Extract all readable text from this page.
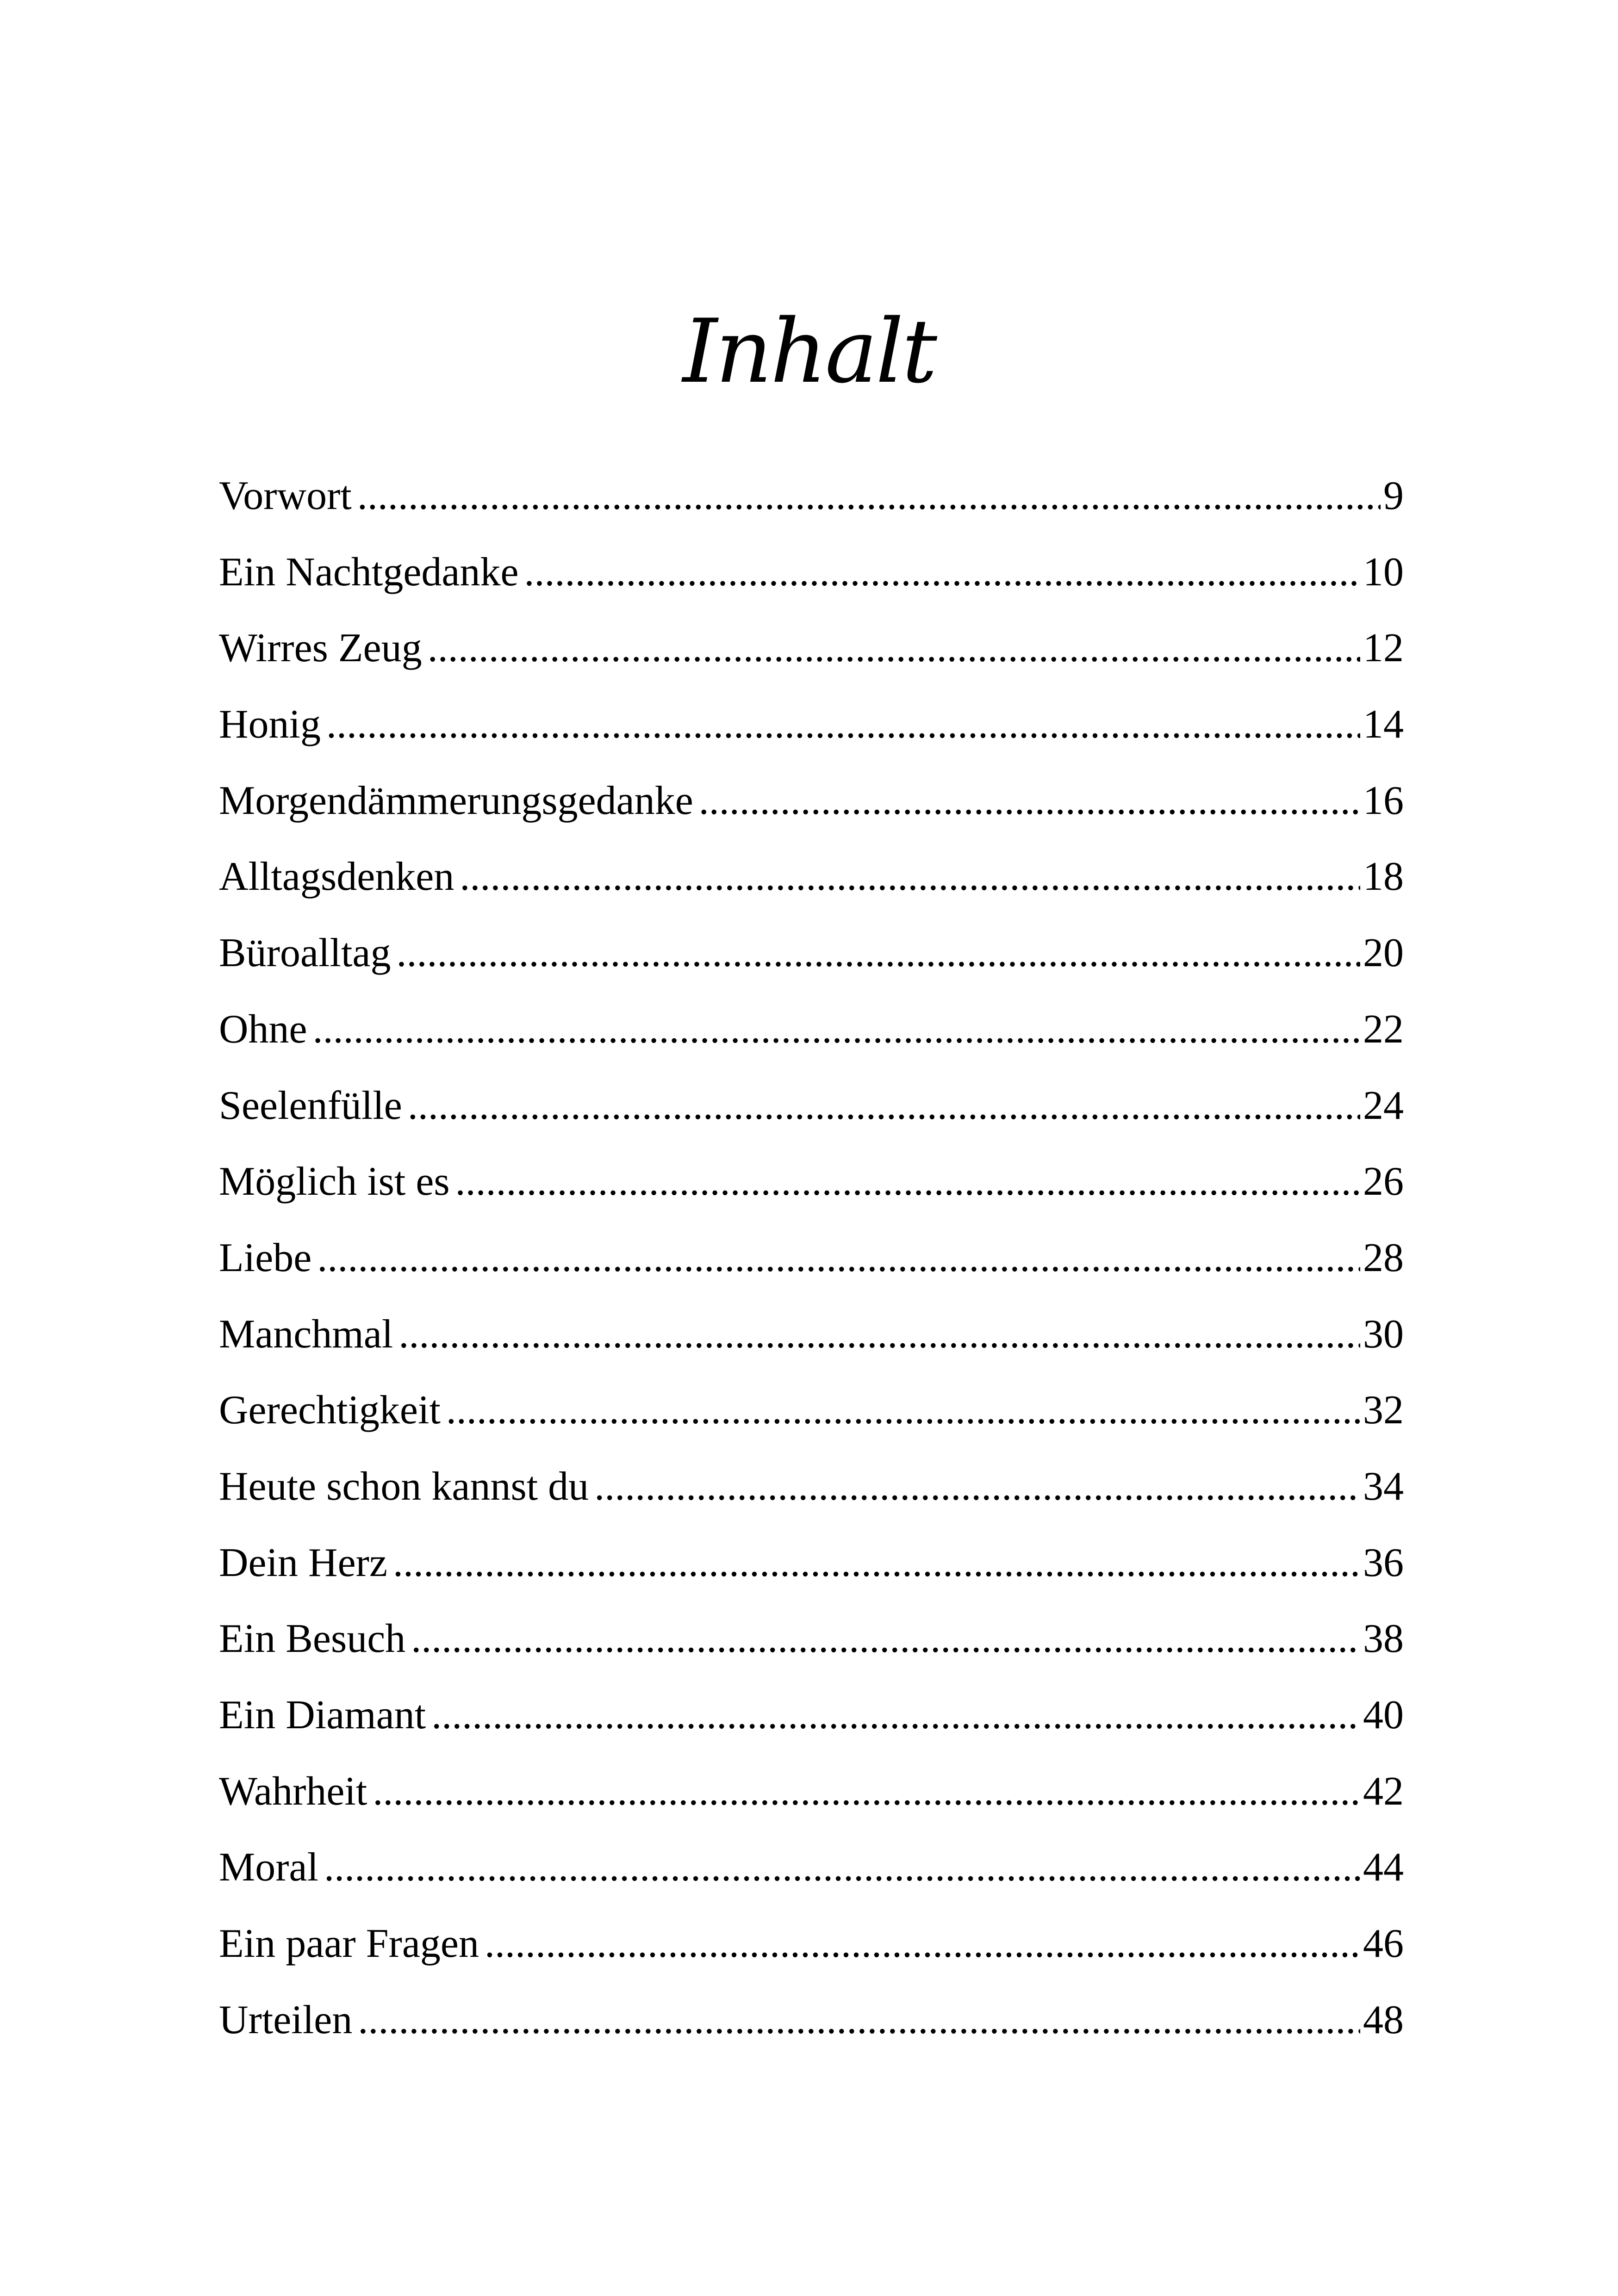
Inhalt
Vorwort .....	9
Ein Nachtgedanke .....	10
Wirres Zeug .....	12
Honig .....	14
Morgendämmerungsgedanke .....	16
Alltagsdenken .....	18
Büroalltag .....	20
Ohne .....	22
Seelenfülle .....	24
Möglich ist es .....	26
Liebe .....	28
Manchmal .....	30
Gerechtigkeit .....	32
Heute schon kannst du .....	34
Dein Herz .....	36
Ein Besuch .....	38
Ein Diamant .....	40
Wahrheit .....	42
Moral .....	44
Ein paar Fragen .....	46
Urteilen .....	48
